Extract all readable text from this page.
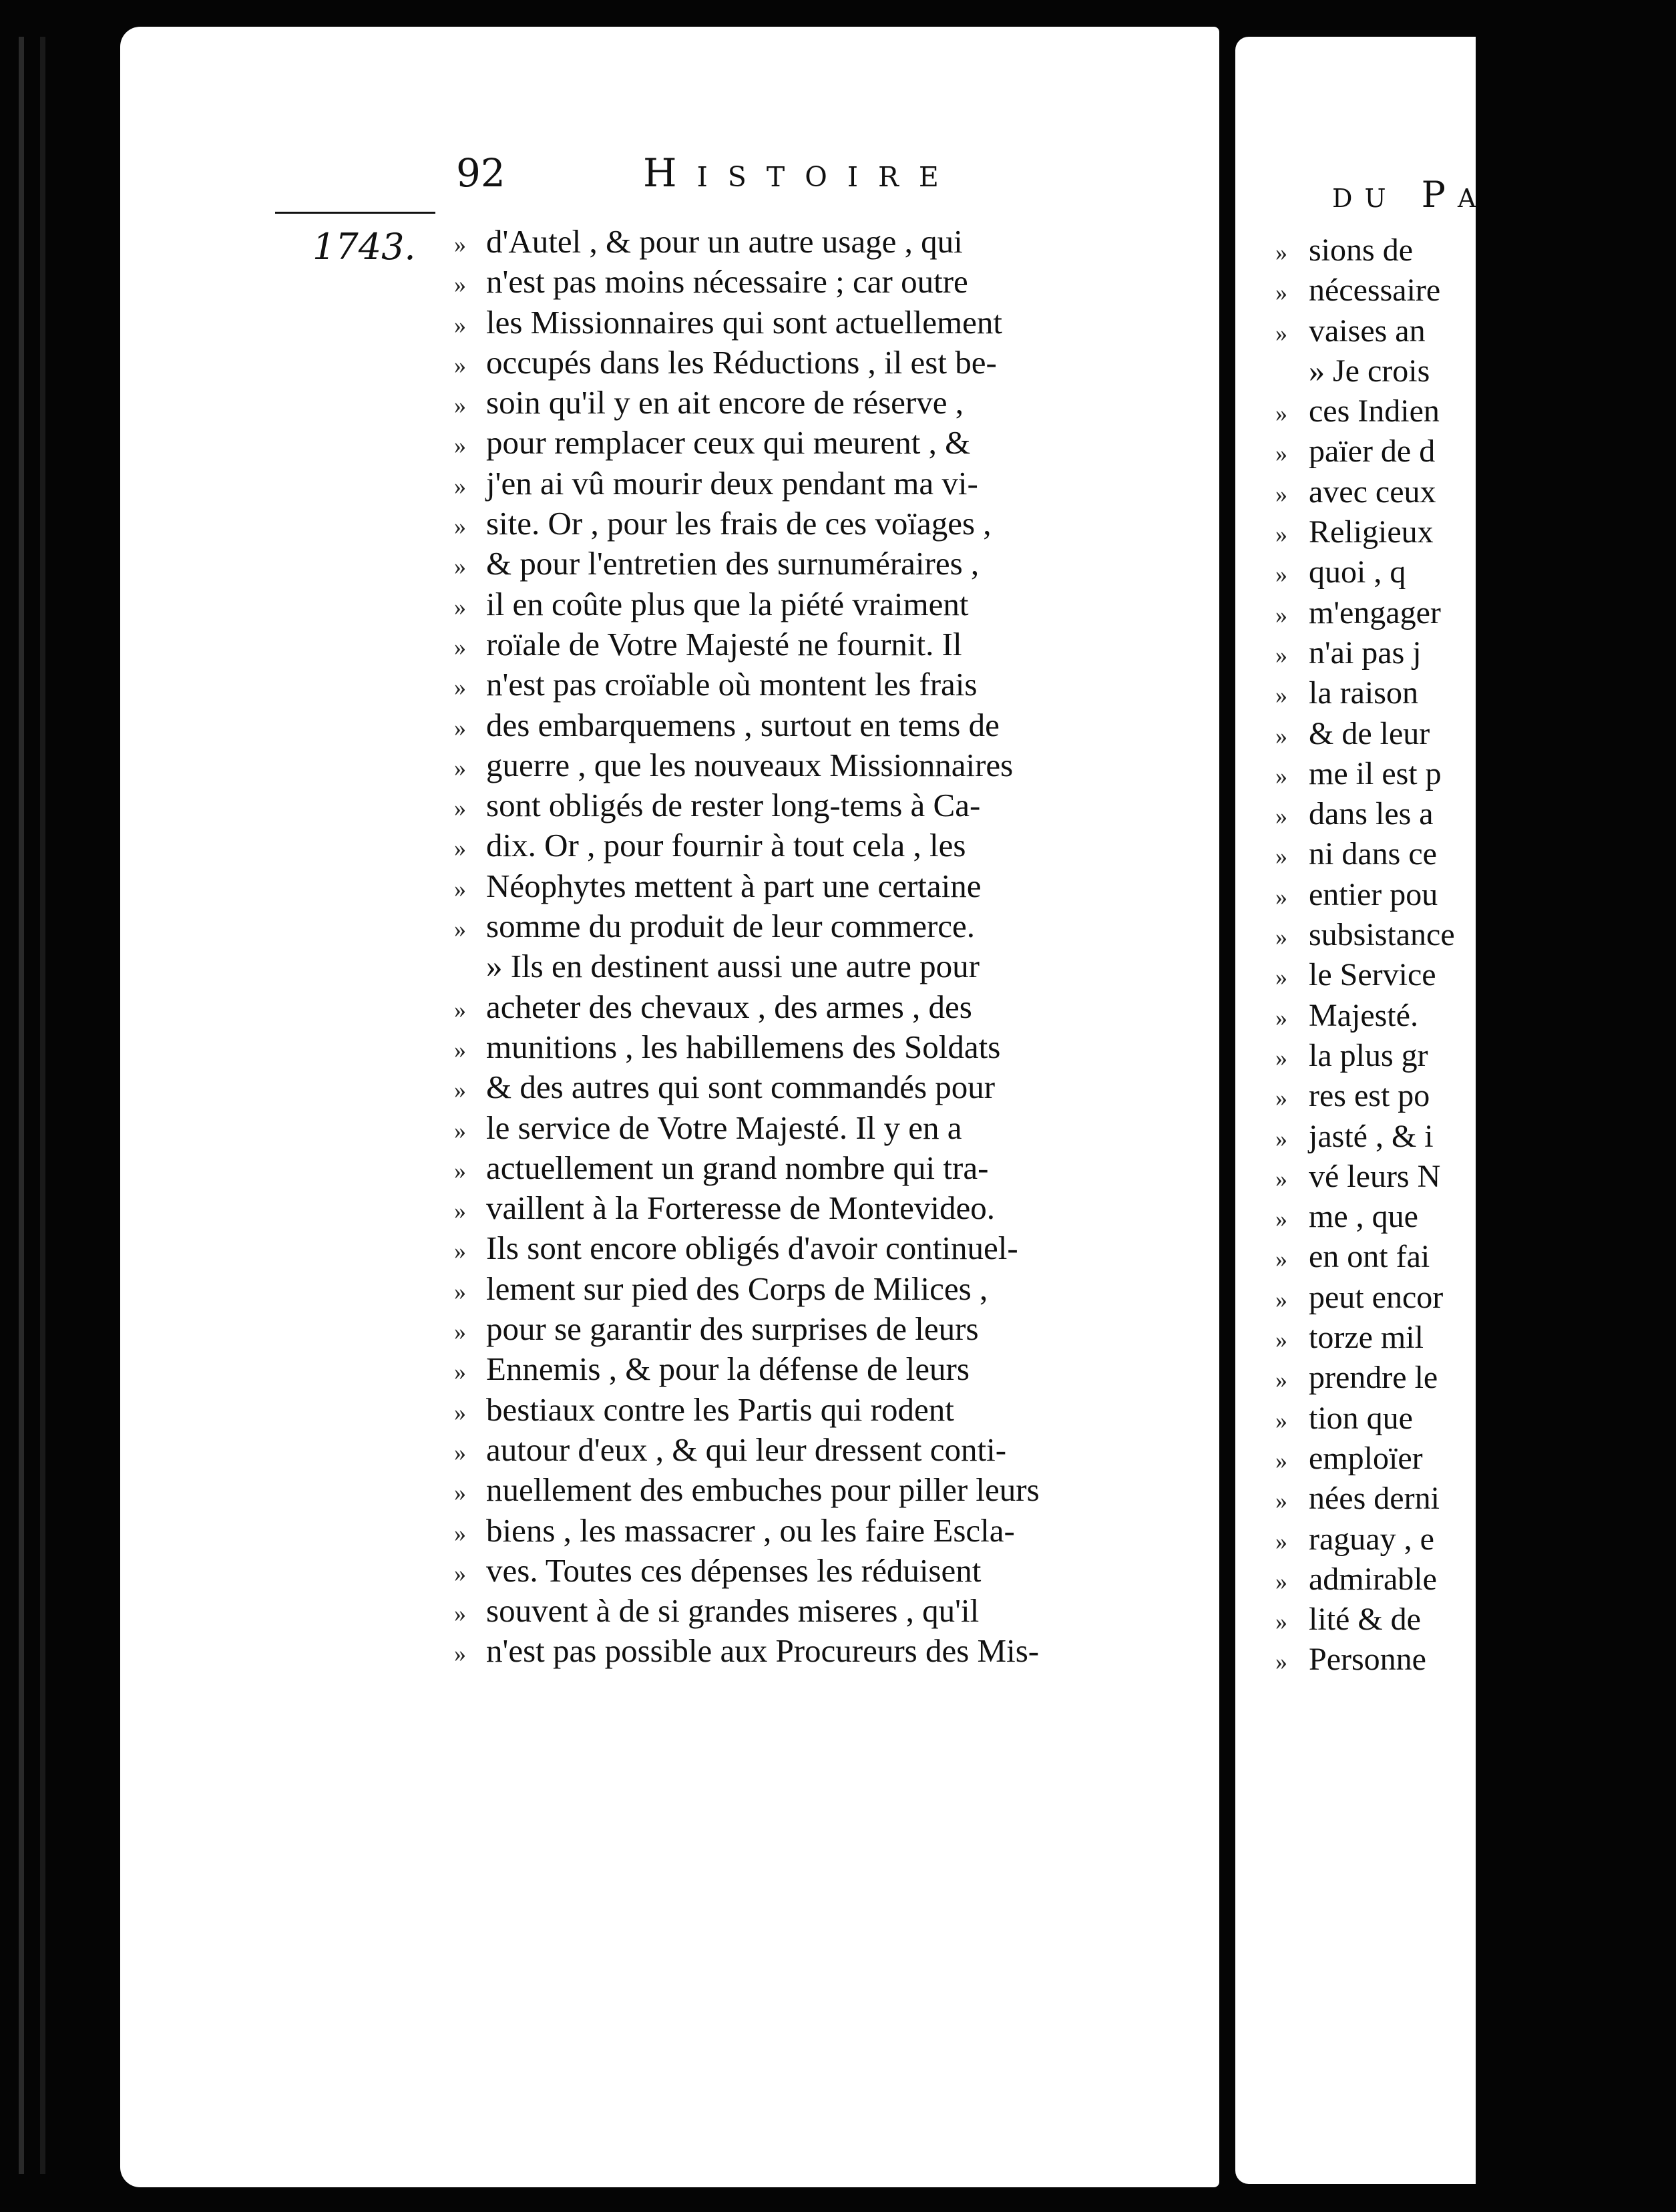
92	Histoire
1743. » d'Autel , & pour un autre usage , qui
» n'est pas moins nécessaire ; car outre
» les Missionnaires qui sont actuellement
» occupés dans les Réductions , il est be-
» soin qu'il y en ait encore de réserve ,
» pour remplacer ceux qui meurent , &
» j'en ai vû mourir deux pendant ma vi-
» site. Or , pour les frais de ces voïages ,
» & pour l'entretien des surnuméraires ,
» il en coûte plus que la piété vraiment
» roïale de Votre Majesté ne fournit. Il
» n'est pas croïable où montent les frais
» des embarquemens , surtout en tems de
» guerre , que les nouveaux Missionnaires
» sont obligés de rester long-tems à Ca-
» dix. Or , pour fournir à tout cela , les
» Néophytes mettent à part une certaine
» somme du produit de leur commerce.
» Ils en destinent aussi une autre pour
» acheter des chevaux , des armes , des
» munitions , les habillemens des Soldats
» & des autres qui sont commandés pour
» le service de Votre Majesté. Il y en a
» actuellement un grand nombre qui tra-
» vaillent à la Forteresse de Montevideo.
» Ils sont encore obligés d'avoir continuel-
» lement sur pied des Corps de Milices ,
» pour se garantir des surprises de leurs
» Ennemis , & pour la défense de leurs
» bestiaux contre les Partis qui rodent
» autour d'eux , & qui leur dressent conti-
» nuellement des embuches pour piller leurs
» biens , les massacrer , ou les faire Escla-
» ves. Toutes ces dépenses les réduisent
» souvent à de si grandes miseres , qu'il
» n'est pas possible aux Procureurs des Mis-
du Pa
» sions de
» nécessaire
» vaises an
» Je crois
» ces Indien
» païer de d
» avec ceux
» Religieux
» quoi , q
» m'engager
» n'ai pas j
» la raison
» & de leur
» me il est p
» dans les a
» ni dans ce
» entier pou
» subsistance
» le Service
» Majesté.
» la plus gr
» res est po
» jasté , & i
» vé leurs N
» me , que
» en ont fai
» peut encor
» torze mil
» prendre le
» tion que
» emploïer
» nées derni
» raguay , e
» admirable
» lité & de
» Personne
